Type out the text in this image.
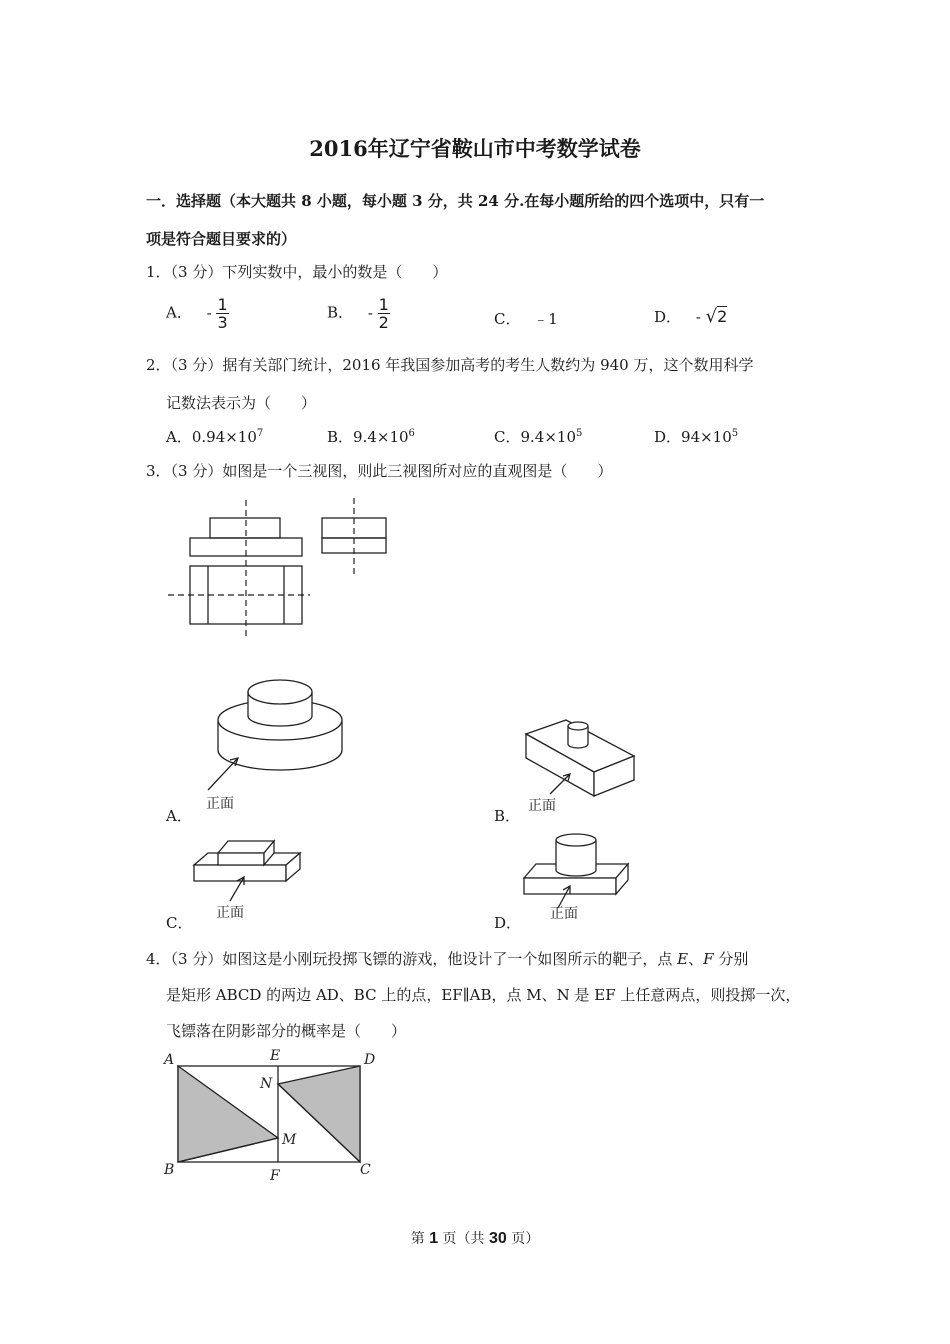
2016年辽宁省鞍山市中考数学试卷
一．选择题（本大题共 8 小题，每小题 3 分，共 24 分.在每小题所给的四个选项中，只有一
项是符合题目要求的）
1．（3 分）下列实数中，最小的数是（　　）
A． - $\frac{1}{3}$	B． - $\frac{1}{2}$	C． ﹣1	D． - √2
2．（3 分）据有关部门统计，2016 年我国参加高考的考生人数约为 940 万，这个数用科学
记数法表示为（　　）
A．$0.94\times 10^7$	B．$9.4\times 10^6$	C．$9.4\times 10^5$	D．$94\times 10^5$
3．（3 分）如图是一个三视图，则此三视图所对应的直观图是（　　）
正面
A．
正面
B．
正面
C．	正面
D．
4．（3 分）如图这是小刚玩投掷飞镖的游戏，他设计了一个如图所示的靶子，点 E、F 分别
是矩形 ABCD 的两边 AD、BC 上的点，EF∥AB，点 M、N 是 EF 上任意两点，则投掷一次，
飞镖落在阴影部分的概率是（　　）
A	E	D
N
M
B	F	C
第 1 页（共 30 页）
